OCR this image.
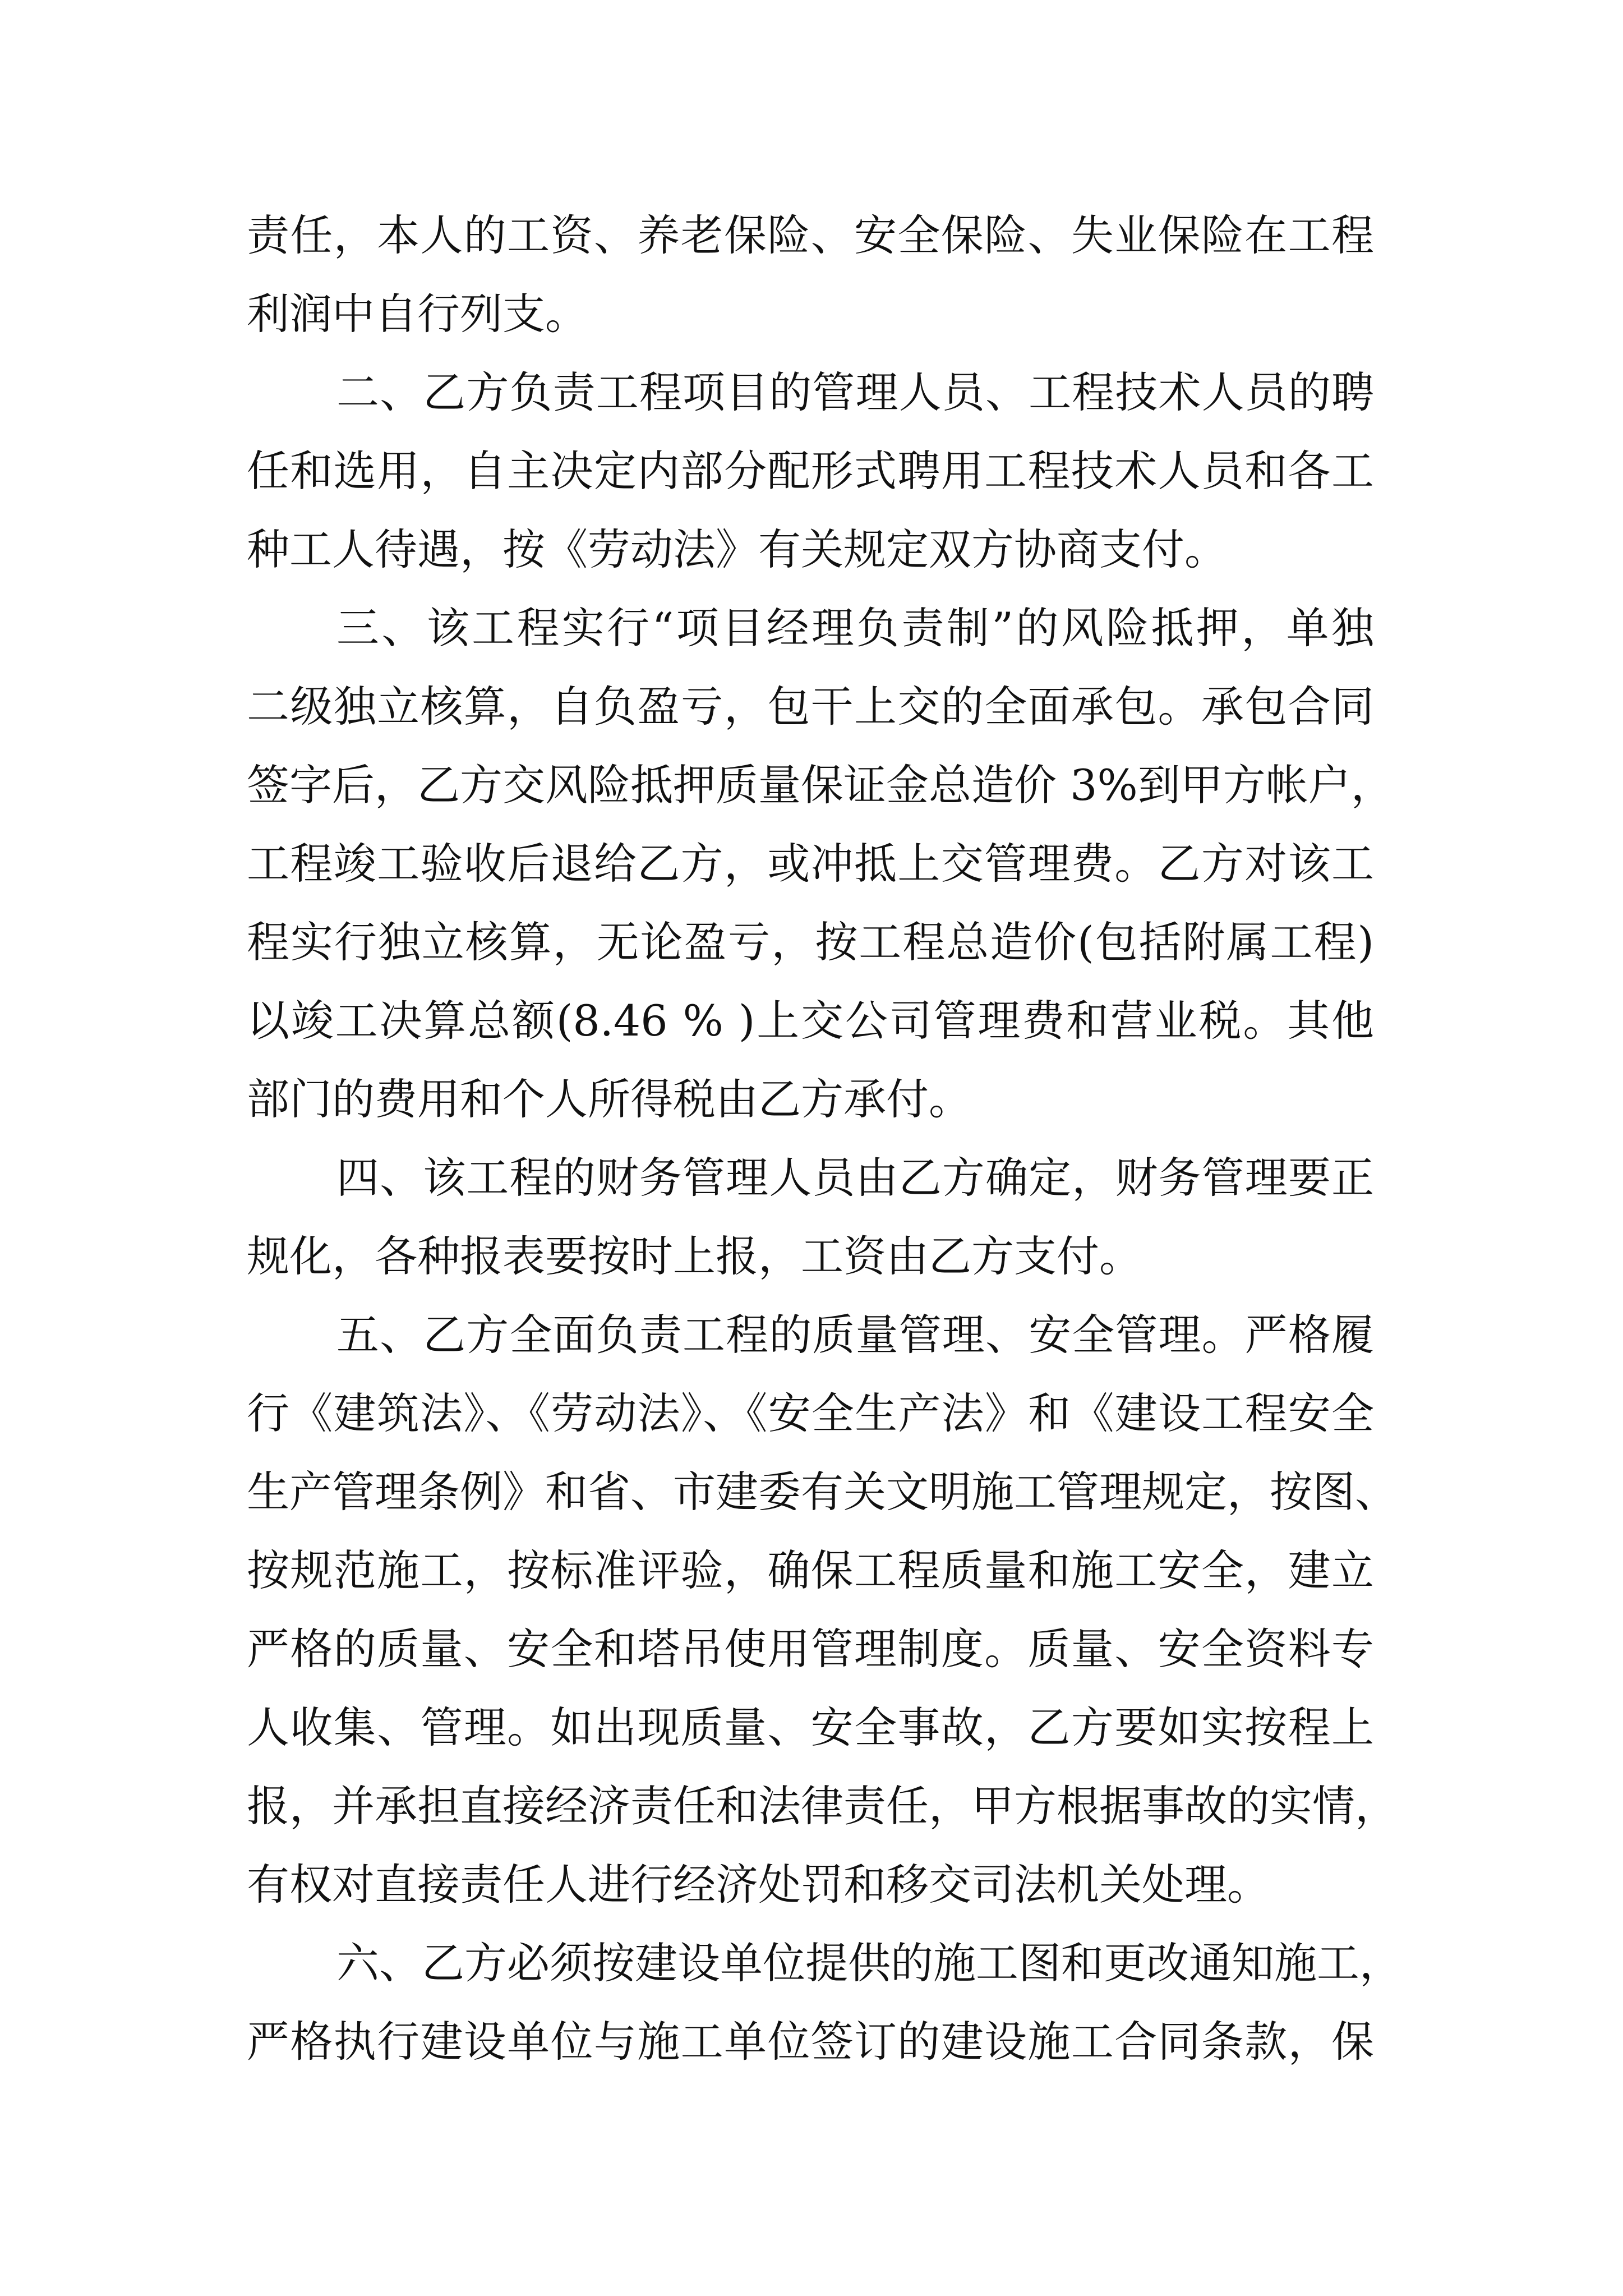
责任，本人的工资、养老保险、安全保险、失业保险在工程
利润中自行列支。
二、乙方负责工程项目的管理人员、工程技术人员的聘
任和选用，自主决定内部分配形式聘用工程技术人员和各工
种工人待遇，按《劳动法》有关规定双方协商支付。
三、该工程实行“项目经理负责制”的风险抵押，单独
二级独立核算，自负盈亏，包干上交的全面承包。承包合同
签字后，乙方交风险抵押质量保证金总造价 3%到甲方帐户，
工程竣工验收后退给乙方，或冲抵上交管理费。乙方对该工
程实行独立核算，无论盈亏，按工程总造价(包括附属工程)
以竣工决算总额(8.46 % )上交公司管理费和营业税。其他
部门的费用和个人所得税由乙方承付。
四、该工程的财务管理人员由乙方确定，财务管理要正
规化，各种报表要按时上报，工资由乙方支付。
五、乙方全面负责工程的质量管理、安全管理。严格履
行《建筑法》、《劳动法》、《安全生产法》和《建设工程安全
生产管理条例》和省、市建委有关文明施工管理规定，按图、
按规范施工，按标准评验，确保工程质量和施工安全，建立
严格的质量、安全和塔吊使用管理制度。质量、安全资料专
人收集、管理。如出现质量、安全事故，乙方要如实按程上
报，并承担直接经济责任和法律责任，甲方根据事故的实情，
有权对直接责任人进行经济处罚和移交司法机关处理。
六、乙方必须按建设单位提供的施工图和更改通知施工，
严格执行建设单位与施工单位签订的建设施工合同条款，保
